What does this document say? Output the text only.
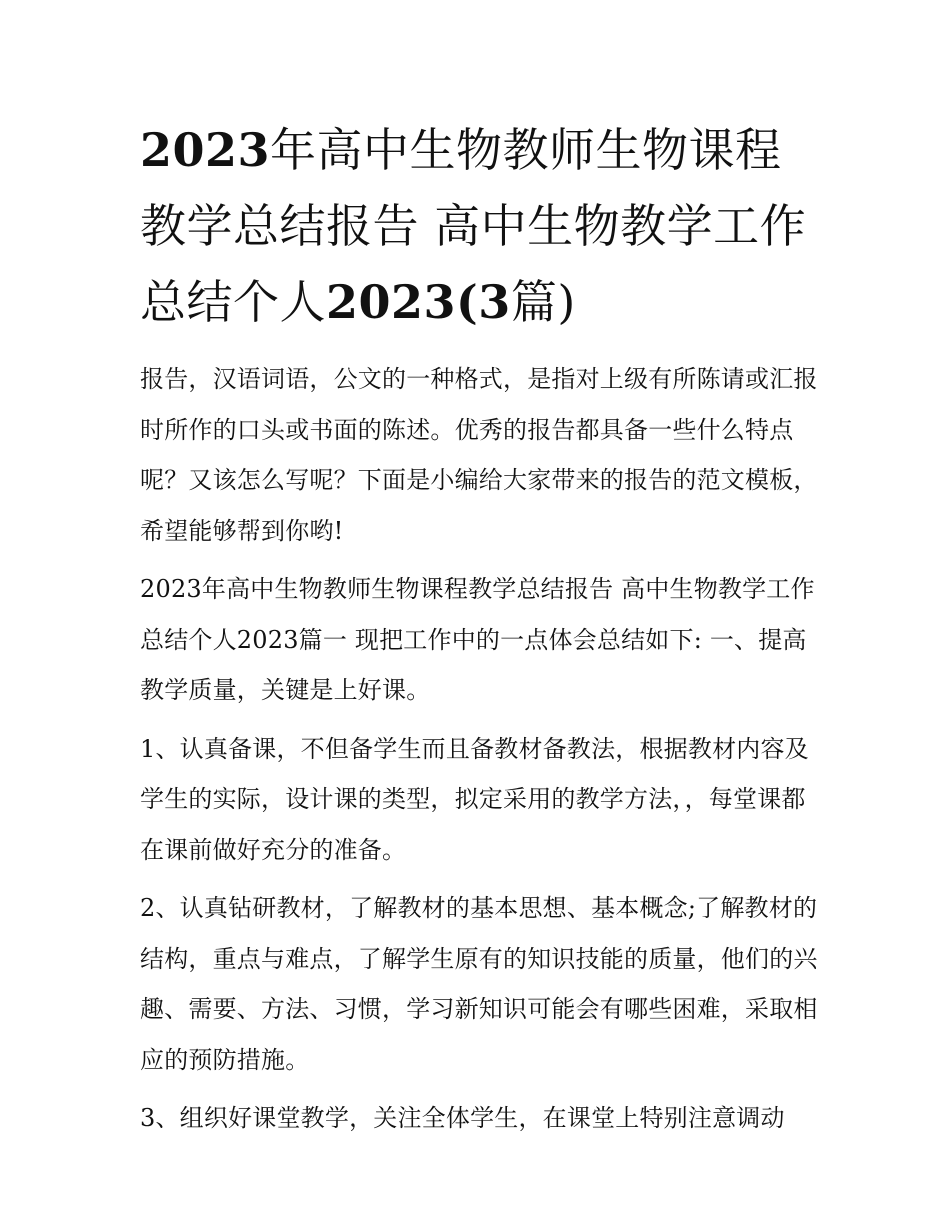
2023年高中生物教师生物课程教学总结报告 高中生物教学工作总结个人2023(3篇)

报告，汉语词语，公文的一种格式，是指对上级有所陈请或汇报时所作的口头或书面的陈述。优秀的报告都具备一些什么特点呢？又该怎么写呢？下面是小编给大家带来的报告的范文模板，希望能够帮到你哟!

2023年高中生物教师生物课程教学总结报告 高中生物教学工作总结个人2023篇一 现把工作中的一点体会总结如下: 一、提高教学质量，关键是上好课。

1、认真备课，不但备学生而且备教材备教法，根据教材内容及学生的实际，设计课的类型，拟定采用的教学方法，，每堂课都在课前做好充分的准备。

2、认真钻研教材，了解教材的基本思想、基本概念;了解教材的结构，重点与难点，了解学生原有的知识技能的质量，他们的兴趣、需要、方法、习惯，学习新知识可能会有哪些困难，采取相应的预防措施。

3、组织好课堂教学，关注全体学生，在课堂上特别注意调动
